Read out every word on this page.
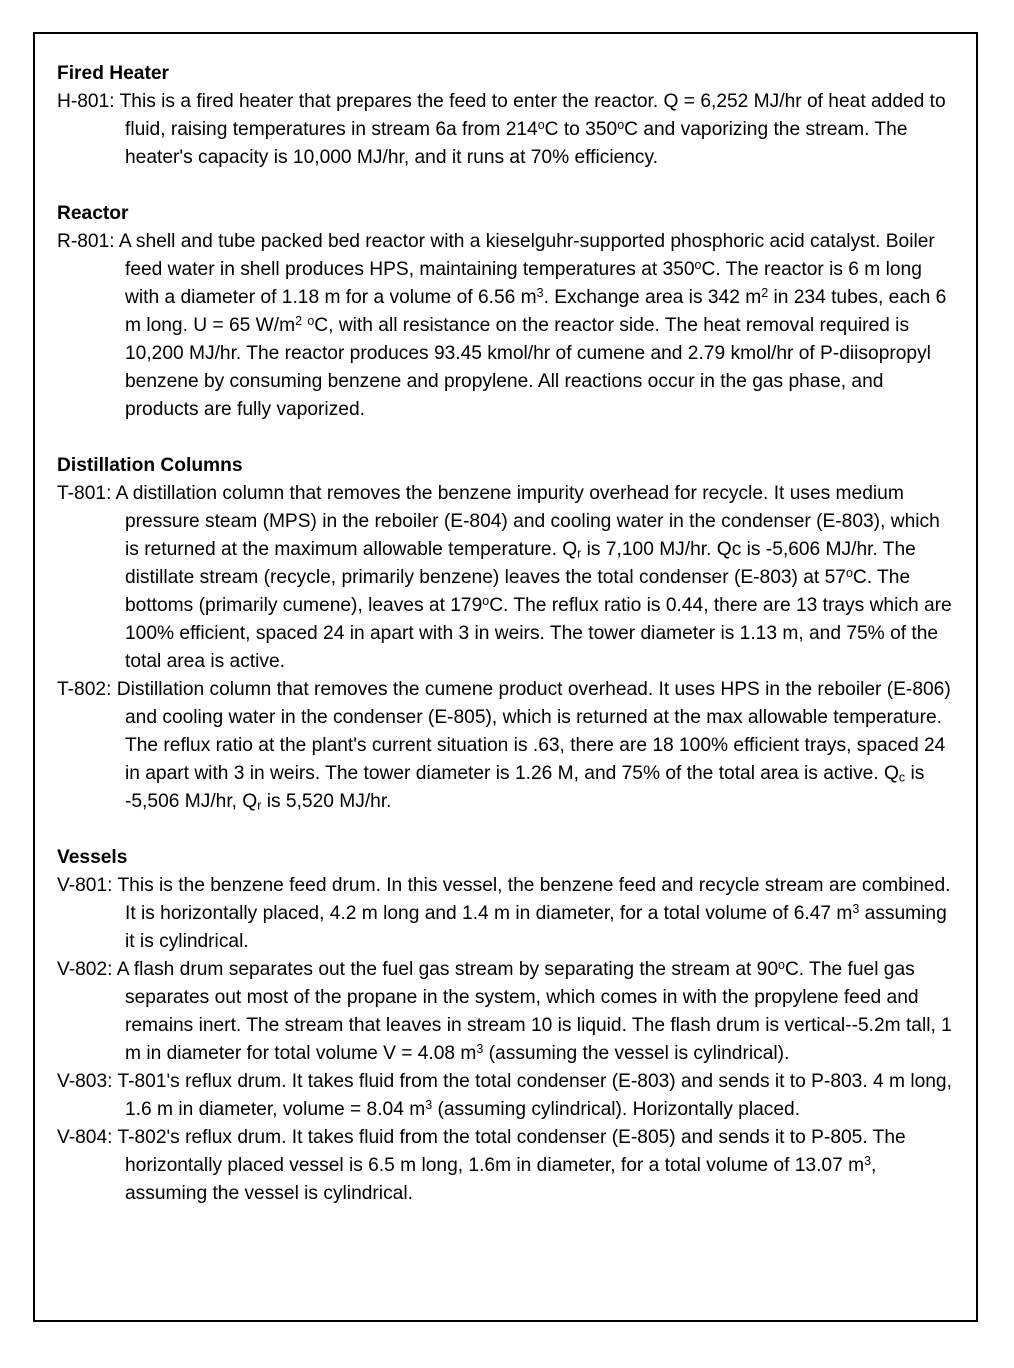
Fired Heater
H-801: This is a fired heater that prepares the feed to enter the reactor. Q = 6,252 MJ/hr of heat added to fluid, raising temperatures in stream 6a from 214$^o$C to 350$^o$C and vaporizing the stream. The heater's capacity is 10,000 MJ/hr, and it runs at 70% efficiency.
Reactor
R-801: A shell and tube packed bed reactor with a kieselguhr-supported phosphoric acid catalyst. Boiler feed water in shell produces HPS, maintaining temperatures at 350$^o$C. The reactor is 6 m long with a diameter of 1.18 m for a volume of 6.56 $m^3$. Exchange area is 342 $m^2$ in 234 tubes, each 6 m long. U = 65 $W/m^2$ $^o$C, with all resistance on the reactor side. The heat removal required is 10,200 MJ/hr. The reactor produces 93.45 kmol/hr of cumene and 2.79 kmol/hr of P-diisopropyl benzene by consuming benzene and propylene. All reactions occur in the gas phase, and products are fully vaporized.
Distillation Columns
T-801: A distillation column that removes the benzene impurity overhead for recycle. It uses medium pressure steam (MPS) in the reboiler (E-804) and cooling water in the condenser (E-803), which is returned at the maximum allowable temperature. $Q_r$ is 7,100 MJ/hr. Qc is -5,606 MJ/hr. The distillate stream (recycle, primarily benzene) leaves the total condenser (E-803) at 57$^o$C. The bottoms (primarily cumene), leaves at 179$^o$C. The reflux ratio is 0.44, there are 13 trays which are 100% efficient, spaced 24 in apart with 3 in weirs. The tower diameter is 1.13 m, and 75% of the total area is active.
T-802: Distillation column that removes the cumene product overhead. It uses HPS in the reboiler (E-806) and cooling water in the condenser (E-805), which is returned at the max allowable temperature. The reflux ratio at the plant's current situation is .63, there are 18 100% efficient trays, spaced 24 in apart with 3 in weirs. The tower diameter is 1.26 M, and 75% of the total area is active. $Q_c$ is -5,506 MJ/hr, $Q_r$ is 5,520 MJ/hr.
Vessels
V-801: This is the benzene feed drum. In this vessel, the benzene feed and recycle stream are combined. It is horizontally placed, 4.2 m long and 1.4 m in diameter, for a total volume of 6.47 $m^3$ assuming it is cylindrical.
V-802: A flash drum separates out the fuel gas stream by separating the stream at 90$^o$C. The fuel gas separates out most of the propane in the system, which comes in with the propylene feed and remains inert. The stream that leaves in stream 10 is liquid. The flash drum is vertical--5.2m tall, 1 m in diameter for total volume V = 4.08 $m^3$ (assuming the vessel is cylindrical).
V-803: T-801's reflux drum. It takes fluid from the total condenser (E-803) and sends it to P-803. 4 m long, 1.6 m in diameter, volume = 8.04 $m^3$ (assuming cylindrical). Horizontally placed.
V-804: T-802's reflux drum. It takes fluid from the total condenser (E-805) and sends it to P-805. The horizontally placed vessel is 6.5 m long, 1.6m in diameter, for a total volume of 13.07 $m^3$, assuming the vessel is cylindrical.
